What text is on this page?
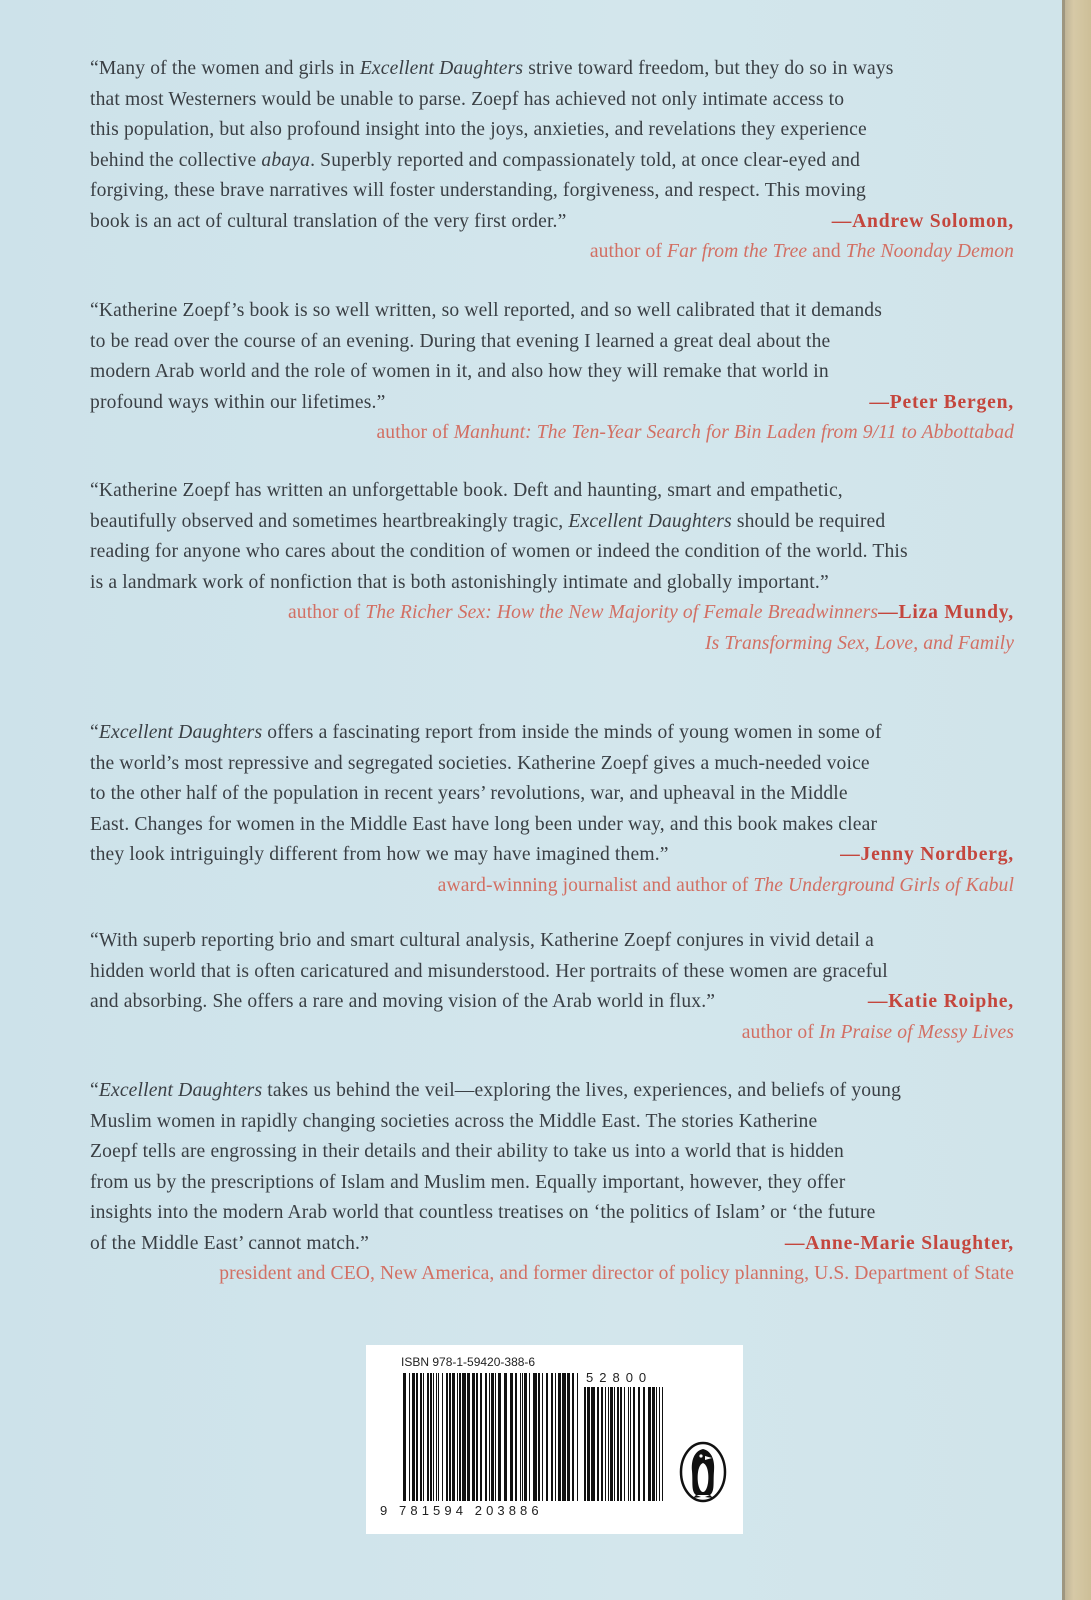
“Many of the women and girls in Excellent Daughters strive toward freedom, but they do so in ways

that most Westerners would be unable to parse. Zoepf has achieved not only intimate access to

this population, but also profound insight into the joys, anxieties, and revelations they experience

behind the collective abaya. Superbly reported and compassionately told, at once clear-eyed and

forgiving, these brave narratives will foster understanding, forgiveness, and respect. This moving

—Andrew Solomon,
book is an act of cultural translation of the very first order.”

author of Far from the Tree and The Noonday Demon

“Katherine Zoepf’s book is so well written, so well reported, and so well calibrated that it demands

to be read over the course of an evening. During that evening I learned a great deal about the

modern Arab world and the role of women in it, and also how they will remake that world in

—Peter Bergen,
profound ways within our lifetimes.”

author of Manhunt: The Ten-Year Search for Bin Laden from 9/11 to Abbottabad

“Katherine Zoepf has written an unforgettable book. Deft and haunting, smart and empathetic,

beautifully observed and sometimes heartbreakingly tragic, Excellent Daughters should be required

reading for anyone who cares about the condition of women or indeed the condition of the world. This

is a landmark work of nonfiction that is both astonishingly intimate and globally important.”

—Liza Mundy,

author of The Richer Sex: How the New Majority of Female Breadwinners
Is Transforming Sex, Love, and Family

“Excellent Daughters offers a fascinating report from inside the minds of young women in some of

the world’s most repressive and segregated societies. Katherine Zoepf gives a much-needed voice

to the other half of the population in recent years’ revolutions, war, and upheaval in the Middle

East. Changes for women in the Middle East have long been under way, and this book makes clear

—Jenny Nordberg,
they look intriguingly different from how we may have imagined them.”

award-winning journalist and author of The Underground Girls of Kabul

“With superb reporting brio and smart cultural analysis, Katherine Zoepf conjures in vivid detail a

hidden world that is often caricatured and misunderstood. Her portraits of these women are graceful

—Katie Roiphe,
and absorbing. She offers a rare and moving vision of the Arab world in flux.”

author of In Praise of Messy Lives

“Excellent Daughters takes us behind the veil—exploring the lives, experiences, and beliefs of young

Muslim women in rapidly changing societies across the Middle East. The stories Katherine

Zoepf tells are engrossing in their details and their ability to take us into a world that is hidden

from us by the prescriptions of Islam and Muslim men. Equally important, however, they offer

insights into the modern Arab world that countless treatises on ‘the politics of Islam’ or ‘the future

—Anne-Marie Slaughter,
of the Middle East’ cannot match.”

president and CEO, New America, and former director of policy planning, U.S. Department of State
ISBN 978-1-59420-388-6
52800
9 781594 203886
